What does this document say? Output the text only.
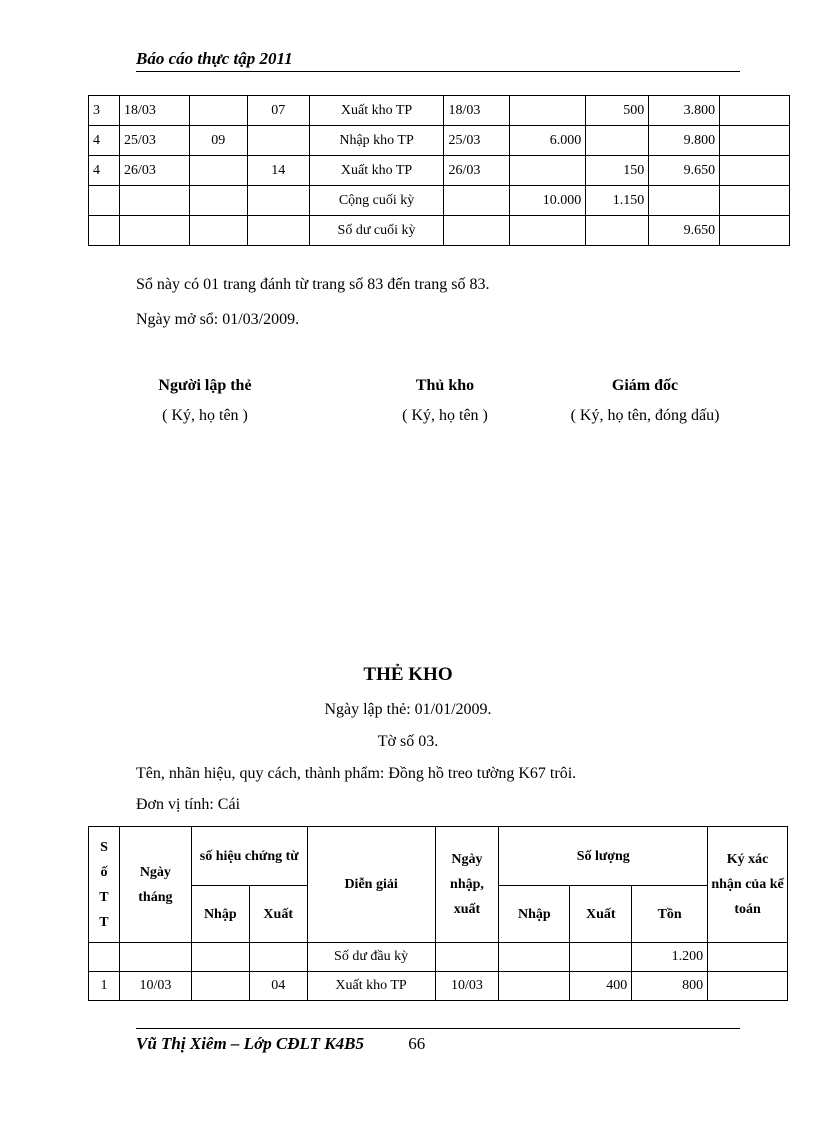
Báo cáo thực tập 2011
3	18/03		07	Xuất kho TP	18/03		500	3.800	
4	25/03	09		Nhập kho TP	25/03	6.000		9.800	
4	26/03		14	Xuất kho TP	26/03		150	9.650	
				Cộng cuối kỳ		10.000	1.150		
				Số dư cuối kỳ				9.650	
Sổ này có 01 trang đánh từ trang số 83 đến trang số 83.
Ngày mở sổ: 01/03/2009.
Người lập thẻ
( Ký, họ tên )
Thủ kho
( Ký, họ tên )
Giám đốc
( Ký, họ tên, đóng dấu)
THẺ KHO
Ngày lập thẻ: 01/01/2009.
Tờ số 03.
Tên, nhãn hiệu, quy cách, thành phẩm: Đồng hồ treo tường K67 trôi.
Đơn vị tính: Cái
S ố T T	Ngày tháng	số hiệu chứng từ		Diễn giải	Ngày nhập, xuất	Số lượng			Ký xác nhận của kế toán
		Nhập	Xuất			Nhập	Xuất	Tồn	
				Số dư đầu kỳ				1.200	
1	10/03		04	Xuất kho TP	10/03		400	800	
Vũ Thị Xiêm – Lớp CĐLT K4B5	66
